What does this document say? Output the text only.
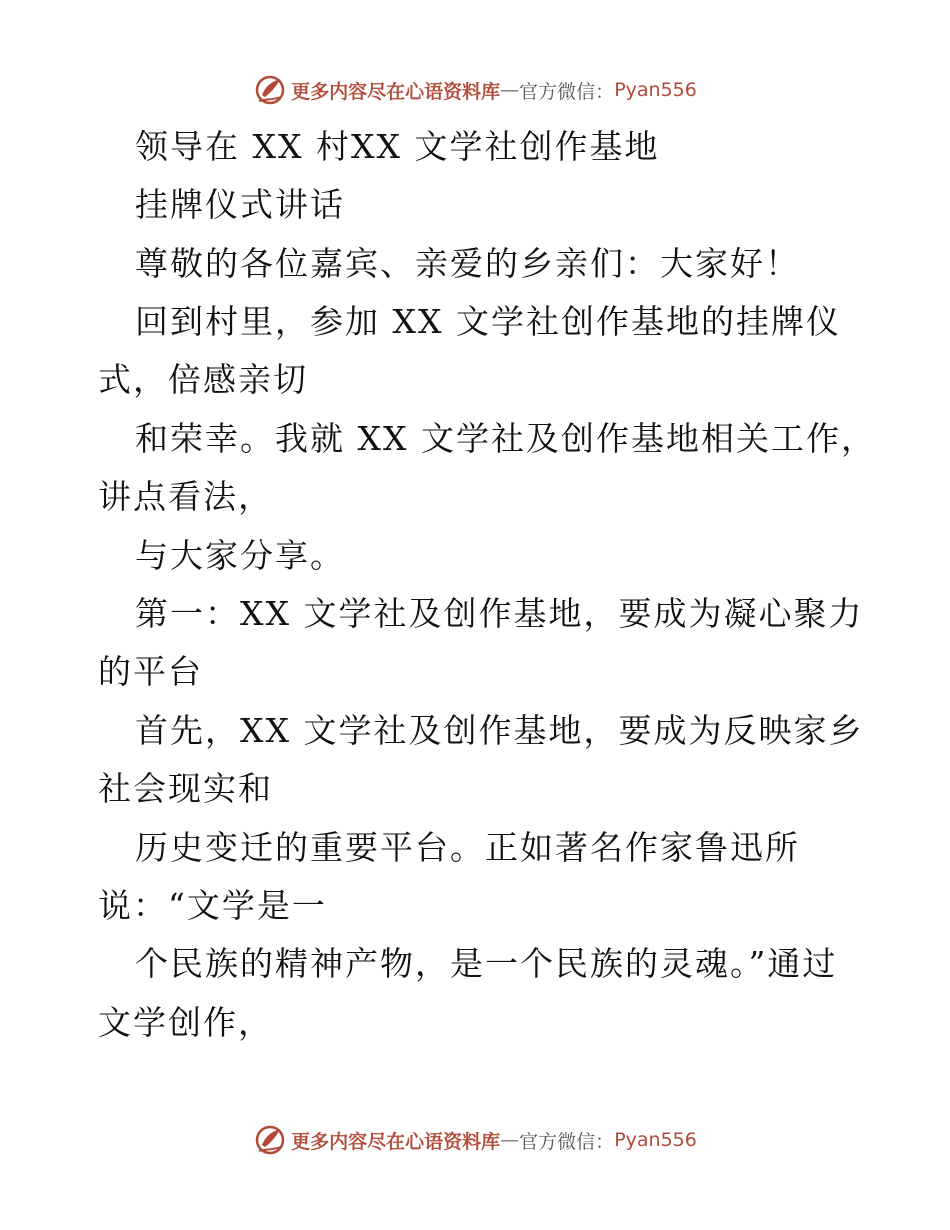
更多内容尽在心语资料库 — 官方微信： Pyan556
领导在 XX 村XX 文学社创作基地
挂牌仪式讲话
尊敬的各位嘉宾、亲爱的乡亲们：大家好！
回到村里，参加 XX 文学社创作基地的挂牌仪
式，倍感亲切
和荣幸。我就 XX 文学社及创作基地相关工作，
讲点看法，
与大家分享。
第一：XX 文学社及创作基地，要成为凝心聚力
的平台
首先，XX 文学社及创作基地，要成为反映家乡
社会现实和
历史变迁的重要平台。正如著名作家鲁迅所
说：“文学是一
个民族的精神产物，是一个民族的灵魂。”通过
文学创作，
更多内容尽在心语资料库 — 官方微信： Pyan556
